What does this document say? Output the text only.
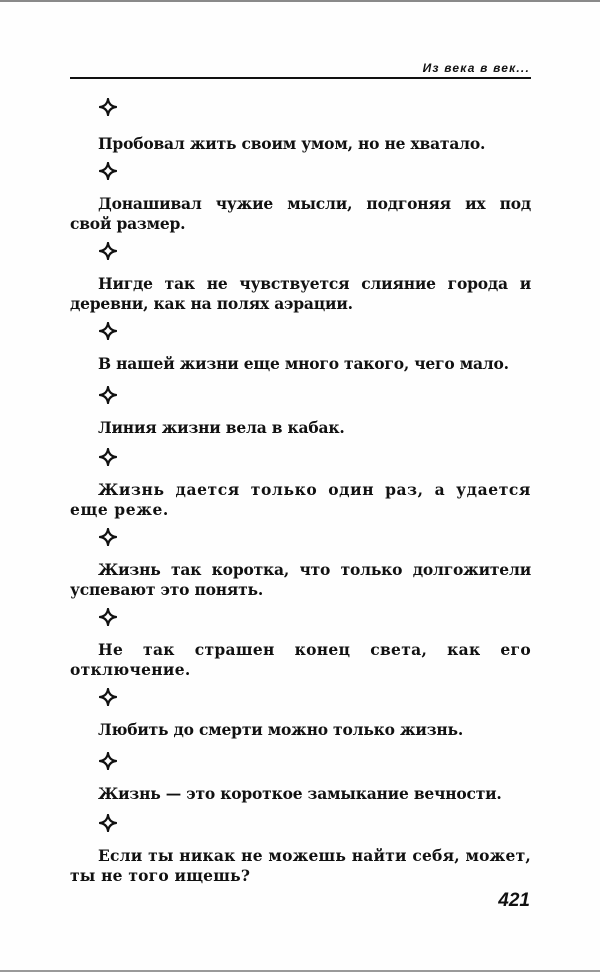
Из века в век...

Пробовал жить своим умом, но не хватало.

Донашивал чужие мысли, подгоняя их под свой размер.

Нигде так не чувствуется слияние города и деревни, как на полях аэрации.

В нашей жизни еще много такого, чего мало.

Линия жизни вела в кабак.

Жизнь дается только один раз, а удается еще реже.

Жизнь так коротка, что только долгожители успевают это понять.

Не так страшен конец света, как его отключение.

Любить до смерти можно только жизнь.

Жизнь — это короткое замыкание вечности.

Если ты никак не можешь найти себя, может, ты не того ищешь?

421
